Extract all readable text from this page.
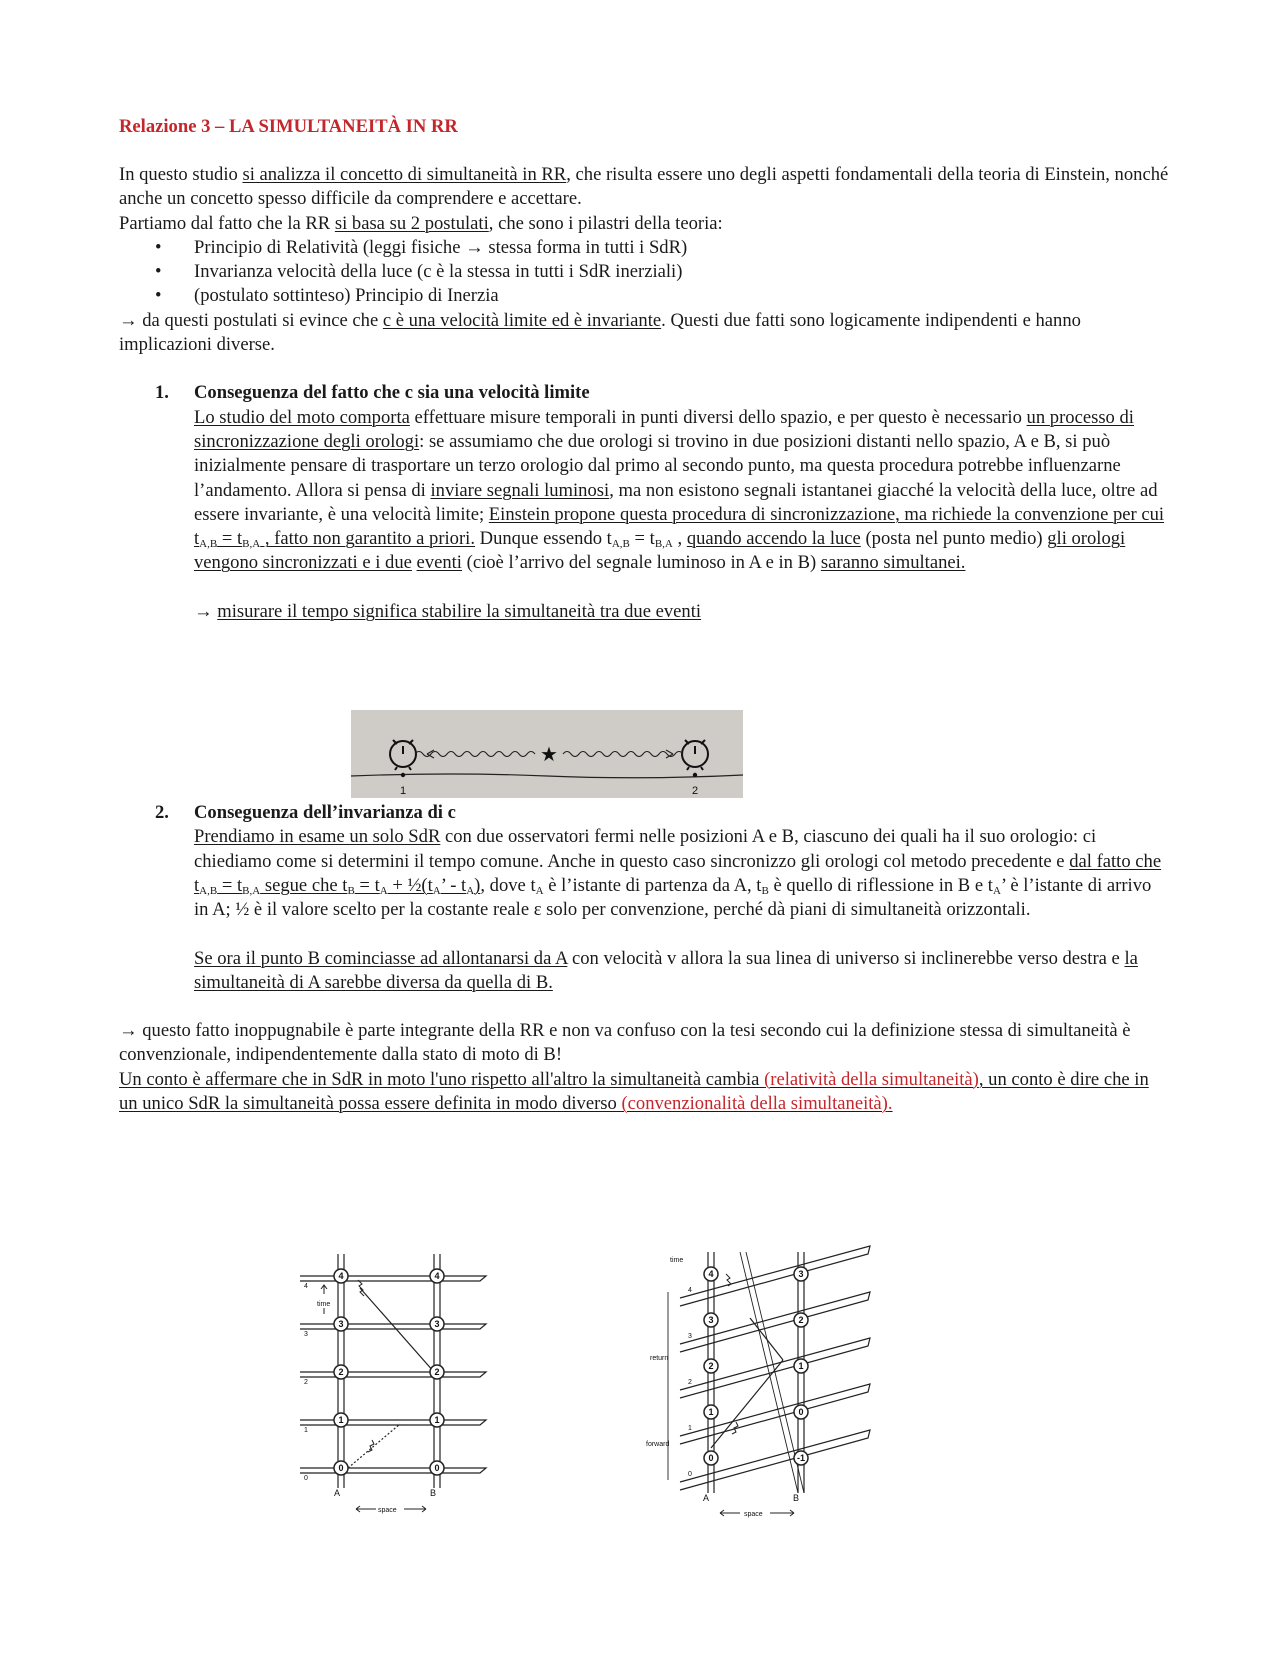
Relazione 3 – LA SIMULTANEITÀ IN RR

In questo studio si analizza il concetto di simultaneità in RR, che risulta essere uno degli aspetti fondamentali della teoria di Einstein, nonché anche un concetto spesso difficile da comprendere e accettare.

Partiamo dal fatto che la RR si basa su 2 postulati, che sono i pilastri della teoria:

• Principio di Relatività (leggi fisiche → stessa forma in tutti i SdR)
• Invarianza velocità della luce (c è la stessa in tutti i SdR inerziali)
• (postulato sottinteso) Principio di Inerzia

→ da questi postulati si evince che c è una velocità limite ed è invariante. Questi due fatti sono logicamente indipendenti e hanno implicazioni diverse.

1. Conseguenza del fatto che c sia una velocità limite

Lo studio del moto comporta effettuare misure temporali in punti diversi dello spazio, e per questo è necessario un processo di sincronizzazione degli orologi: se assumiamo che due orologi si trovino in due posizioni distanti nello spazio, A e B, si può inizialmente pensare di trasportare un terzo orologio dal primo al secondo punto, ma questa procedura potrebbe influenzarne l’andamento. Allora si pensa di inviare segnali luminosi, ma non esistono segnali istantanei giacché la velocità della luce, oltre ad essere invariante, è una velocità limite; Einstein propone questa procedura di sincronizzazione, ma richiede la convenzione per cui $t_{A,B} = t_{B,A}$ , fatto non garantito a priori. Dunque essendo $t_{A,B} = t_{B,A}$ , quando accendo la luce (posta nel punto medio) gli orologi vengono sincronizzati e i due eventi (cioè l’arrivo del segnale luminoso in A e in B) saranno simultanei.

→ misurare il tempo significa stabilire la simultaneità tra due eventi

2. Conseguenza dell’invarianza di c

Prendiamo in esame un solo SdR con due osservatori fermi nelle posizioni A e B, ciascuno dei quali ha il suo orologio: ci chiediamo come si determini il tempo comune. Anche in questo caso sincronizzo gli orologi col metodo precedente e dal fatto che $t_{A,B} = t_{B,A}$ segue che $t_B = t_A$ + $\frac{1}{2}(t_A$’ - $t_A$), dove $t_A$ è l’istante di partenza da A, $t_B$ è quello di riflessione in B e $t_A$’ è l’istante di arrivo in A; ½ è il valore scelto per la costante reale ε solo per convenzione, perché dà piani di simultaneità orizzontali.

Se ora il punto B cominciasse ad allontanarsi da A con velocità v allora la sua linea di universo si inclinerebbe verso destra e la simultaneità di A sarebbe diversa da quella di B.

→ questo fatto inoppugnabile è parte integrante della RR e non va confuso con la tesi secondo cui la definizione stessa di simultaneità è convenzionale, indipendentemente dalla stato di moto di B!

Un conto è affermare che in SdR in moto l'uno rispetto all'altro la simultaneità cambia (relatività della simultaneità), un conto è dire che in un unico SdR la simultaneità possa essere definita in modo diverso (convenzionalità della simultaneità).

★
1	2
4
3
2
1
0
4
3
2
1
0
4
3
2
1
0
time
A	B
space
4
3
2
1
0
3
2
1
0
-1
4
3
2
1
0
time
return
forward
A	B
space
